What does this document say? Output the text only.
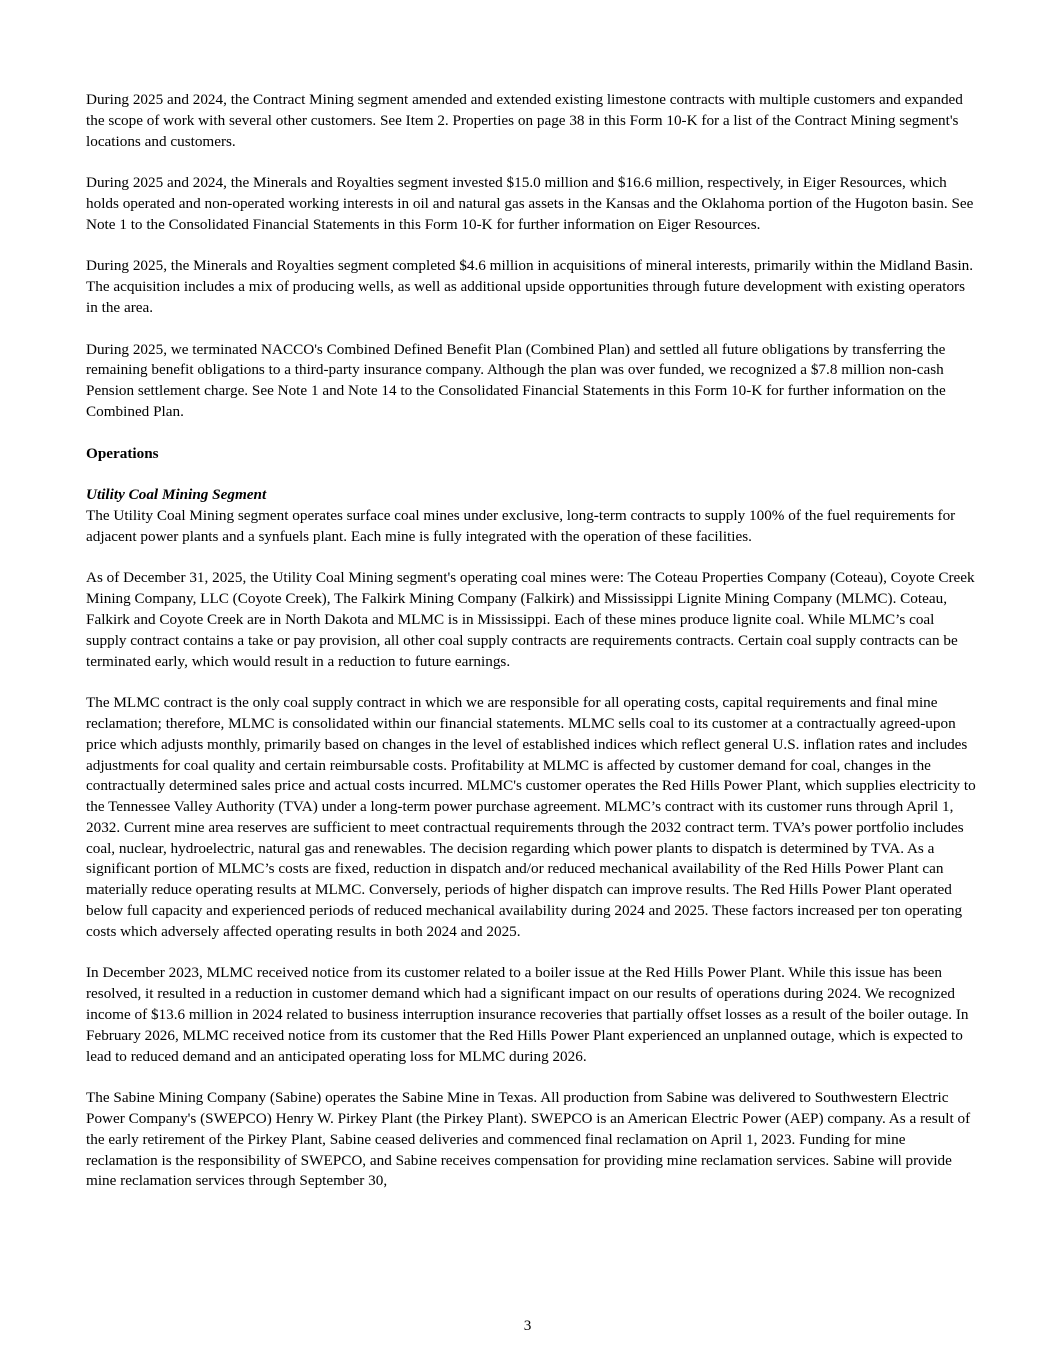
During 2025 and 2024, the Contract Mining segment amended and extended existing limestone contracts with multiple customers and expanded the scope of work with several other customers. See Item 2. Properties on page 38 in this Form 10-K for a list of the Contract Mining segment's locations and customers.

During 2025 and 2024, the Minerals and Royalties segment invested $15.0 million and $16.6 million, respectively, in Eiger Resources, which holds operated and non-operated working interests in oil and natural gas assets in the Kansas and the Oklahoma portion of the Hugoton basin. See Note 1 to the Consolidated Financial Statements in this Form 10-K for further information on Eiger Resources.

During 2025, the Minerals and Royalties segment completed $4.6 million in acquisitions of mineral interests, primarily within the Midland Basin. The acquisition includes a mix of producing wells, as well as additional upside opportunities through future development with existing operators in the area.

During 2025, we terminated NACCO's Combined Defined Benefit Plan (Combined Plan) and settled all future obligations by transferring the remaining benefit obligations to a third-party insurance company. Although the plan was over funded, we recognized a $7.8 million non-cash Pension settlement charge. See Note 1 and Note 14 to the Consolidated Financial Statements in this Form 10-K for further information on the Combined Plan.

Operations

Utility Coal Mining Segment

The Utility Coal Mining segment operates surface coal mines under exclusive, long-term contracts to supply 100% of the fuel requirements for adjacent power plants and a synfuels plant. Each mine is fully integrated with the operation of these facilities.

As of December 31, 2025, the Utility Coal Mining segment's operating coal mines were: The Coteau Properties Company (Coteau), Coyote Creek Mining Company, LLC (Coyote Creek), The Falkirk Mining Company (Falkirk) and Mississippi Lignite Mining Company (MLMC). Coteau, Falkirk and Coyote Creek are in North Dakota and MLMC is in Mississippi. Each of these mines produce lignite coal. While MLMC’s coal supply contract contains a take or pay provision, all other coal supply contracts are requirements contracts. Certain coal supply contracts can be terminated early, which would result in a reduction to future earnings.

The MLMC contract is the only coal supply contract in which we are responsible for all operating costs, capital requirements and final mine reclamation; therefore, MLMC is consolidated within our financial statements. MLMC sells coal to its customer at a contractually agreed-upon price which adjusts monthly, primarily based on changes in the level of established indices which reflect general U.S. inflation rates and includes adjustments for coal quality and certain reimbursable costs. Profitability at MLMC is affected by customer demand for coal, changes in the contractually determined sales price and actual costs incurred. MLMC's customer operates the Red Hills Power Plant, which supplies electricity to the Tennessee Valley Authority (TVA) under a long-term power purchase agreement. MLMC’s contract with its customer runs through April 1, 2032. Current mine area reserves are sufficient to meet contractual requirements through the 2032 contract term. TVA’s power portfolio includes coal, nuclear, hydroelectric, natural gas and renewables. The decision regarding which power plants to dispatch is determined by TVA. As a significant portion of MLMC’s costs are fixed, reduction in dispatch and/or reduced mechanical availability of the Red Hills Power Plant can materially reduce operating results at MLMC. Conversely, periods of higher dispatch can improve results. The Red Hills Power Plant operated below full capacity and experienced periods of reduced mechanical availability during 2024 and 2025. These factors increased per ton operating costs which adversely affected operating results in both 2024 and 2025.

In December 2023, MLMC received notice from its customer related to a boiler issue at the Red Hills Power Plant. While this issue has been resolved, it resulted in a reduction in customer demand which had a significant impact on our results of operations during 2024. We recognized income of $13.6 million in 2024 related to business interruption insurance recoveries that partially offset losses as a result of the boiler outage. In February 2026, MLMC received notice from its customer that the Red Hills Power Plant experienced an unplanned outage, which is expected to lead to reduced demand and an anticipated operating loss for MLMC during 2026.

The Sabine Mining Company (Sabine) operates the Sabine Mine in Texas. All production from Sabine was delivered to Southwestern Electric Power Company's (SWEPCO) Henry W. Pirkey Plant (the Pirkey Plant). SWEPCO is an American Electric Power (AEP) company. As a result of the early retirement of the Pirkey Plant, Sabine ceased deliveries and commenced final reclamation on April 1, 2023. Funding for mine reclamation is the responsibility of SWEPCO, and Sabine receives compensation for providing mine reclamation services. Sabine will provide mine reclamation services through September 30,

3
